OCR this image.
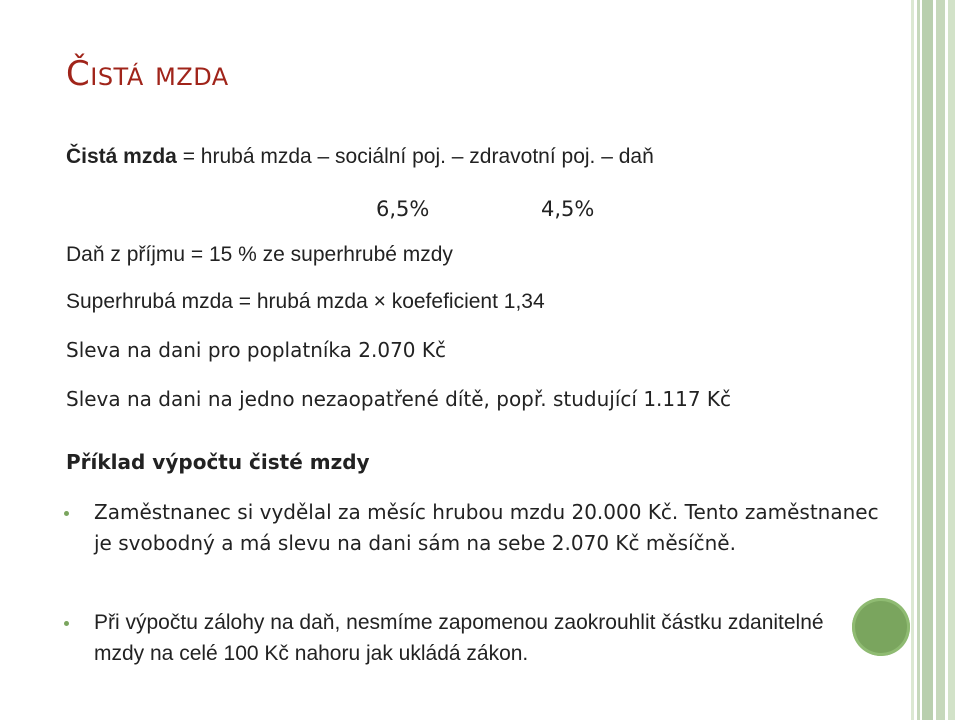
Čistá mzda

Čistá mzda = hrubá mzda – sociální poj. – zdravotní poj. – daň

6,5%	4,5%

Daň z příjmu = 15 % ze superhrubé mzdy

Superhrubá mzda = hrubá mzda × koefeficient 1,34

Sleva na dani pro poplatníka 2.070 Kč

Sleva na dani na jedno nezaopatřené dítě, popř. studující 1.117 Kč

Příklad výpočtu čisté mzdy

Zaměstnanec si vydělal za měsíc hrubou mzdu 20.000 Kč. Tento zaměstnanec je svobodný a má slevu na dani sám na sebe 2.070 Kč měsíčně.

Při výpočtu zálohy na daň, nesmíme zapomenou zaokrouhlit částku zdanitelné mzdy na celé 100 Kč nahoru jak ukládá zákon.
